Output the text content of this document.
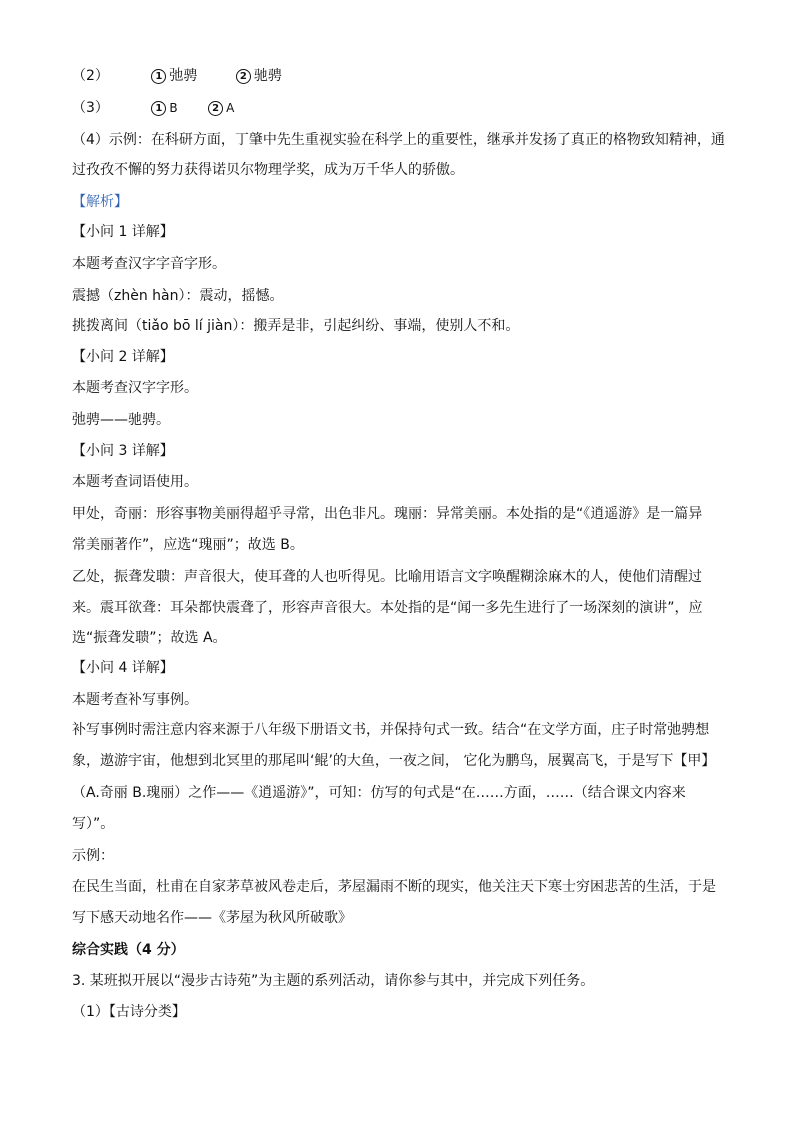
（2）	1 弛骋	2 驰骋
（3）	1 B	2 A
（4）示例：在科研方面，丁肇中先生重视实验在科学上的重要性，继承并发扬了真正的格物致知精神，通
过孜孜不懈的努力获得诺贝尔物理学奖，成为万千华人的骄傲。
【解析】
【小问 1 详解】
本题考查汉字字音字形。
震撼（zhèn hàn）：震动，摇憾。
挑拨离间（tiǎo bō lí jiàn）：搬弄是非，引起纠纷、事端，使别人不和。
【小问 2 详解】
本题考查汉字字形。
弛骋——驰骋。
【小问 3 详解】
本题考查词语使用。
甲处，奇丽：形容事物美丽得超乎寻常，出色非凡。瑰丽：异常美丽。本处指的是“《逍遥游》是一篇异
常美丽著作”，应选“瑰丽”；故选 B。
乙处，振聋发聩：声音很大，使耳聋的人也听得见。比喻用语言文字唤醒糊涂麻木的人，使他们清醒过
来。震耳欲聋：耳朵都快震聋了，形容声音很大。本处指的是“闻一多先生进行了一场深刻的演讲”，应
选“振聋发聩”；故选 A。
【小问 4 详解】
本题考查补写事例。
补写事例时需注意内容来源于八年级下册语文书，并保持句式一致。结合“在文学方面，庄子时常弛骋想
象，遨游宇宙，他想到北冥里的那尾叫‘鲲’的大鱼，一夜之间， 它化为鹏鸟，展翼高飞，于是写下【甲】
（A.奇丽 B.瑰丽）之作——《逍遥游》”，可知：仿写的句式是“在……方面，……（结合课文内容来
写）”。
示例：
在民生当面，杜甫在自家茅草被风卷走后，茅屋漏雨不断的现实，他关注天下寒士穷困悲苦的生活，于是
写下感天动地名作——《茅屋为秋风所破歌》
综合实践（4 分）
3. 某班拟开展以“漫步古诗苑”为主题的系列活动，请你参与其中，并完成下列任务。
（1）【古诗分类】
